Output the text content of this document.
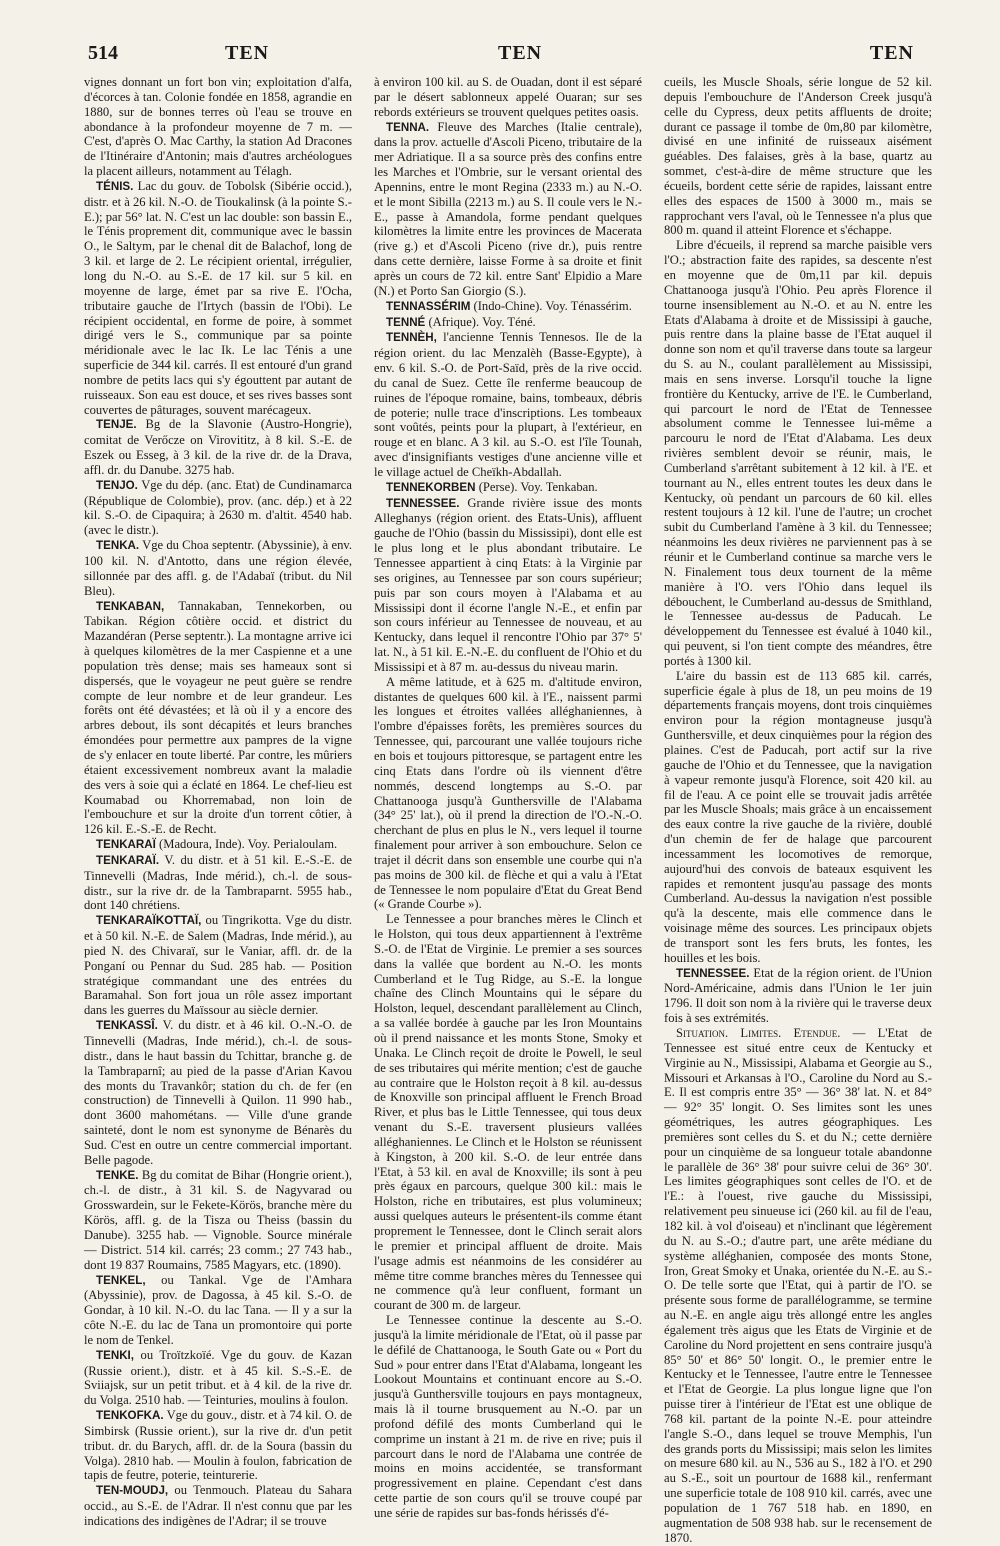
514	TEN	TEN	TEN

vignes donnant un fort bon vin; exploitation d'alfa, d'écorces à tan. Colonie fondée en 1858, agrandie en 1880, sur de bonnes terres où l'eau se trouve en abondance à la profondeur moyenne de 7 m. — C'est, d'après O. Mac Carthy, la station Ad Dracones de l'Itinéraire d'Antonin; mais d'autres archéologues la placent ailleurs, notamment au Télagh.

TÉNIS. Lac du gouv. de Tobolsk (Sibérie occid.), distr. et à 26 kil. N.-O. de Tioukalinsk (à la pointe S.-E.); par 56° lat. N. C'est un lac double: son bassin E., le Ténis proprement dit, communique avec le bassin O., le Saltym, par le chenal dit de Balachof, long de 3 kil. et large de 2. Le récipient oriental, irrégulier, long du N.-O. au S.-E. de 17 kil. sur 5 kil. en moyenne de large, émet par sa rive E. l'Ocha, tributaire gauche de l'Irtych (bassin de l'Obi). Le récipient occidental, en forme de poire, à sommet dirigé vers le S., communique par sa pointe méridionale avec le lac Ik. Le lac Ténis a une superficie de 344 kil. carrés. Il est entouré d'un grand nombre de petits lacs qui s'y égouttent par autant de ruisseaux. Son eau est douce, et ses rives basses sont couvertes de pâturages, souvent marécageux.

TENJE. Bg de la Slavonie (Austro-Hongrie), comitat de Verőcze on Virovititz, à 8 kil. S.-E. de Eszek ou Esseg, à 3 kil. de la rive dr. de la Drava, affl. dr. du Danube. 3275 hab.

TENJO. Vge du dép. (anc. Etat) de Cundinamarca (République de Colombie), prov. (anc. dép.) et à 22 kil. S.-O. de Cipaquira; à 2630 m. d'altit. 4540 hab. (avec le distr.).

TENKA. Vge du Choa septentr. (Abyssinie), à env. 100 kil. N. d'Antotto, dans une région élevée, sillonnée par des affl. g. de l'Adabaï (tribut. du Nil Bleu).

TENKABAN, Tannakaban, Tennekorben, ou Tabikan. Région côtière occid. et district du Mazandéran (Perse septentr.). La montagne arrive ici à quelques kilomètres de la mer Caspienne et a une population très dense; mais ses hameaux sont si dispersés, que le voyageur ne peut guère se rendre compte de leur nombre et de leur grandeur. Les forêts ont été dévastées; et là où il y a encore des arbres debout, ils sont décapités et leurs branches émondées pour permettre aux pampres de la vigne de s'y enlacer en toute liberté. Par contre, les mûriers étaient excessivement nombreux avant la maladie des vers à soie qui a éclaté en 1864. Le chef-lieu est Koumabad ou Khorremabad, non loin de l'embouchure et sur la droite d'un torrent côtier, à 126 kil. E.-S.-E. de Recht.

TENKARAÏ (Madoura, Inde). Voy. Perialoulam.

TENKARAÏ. V. du distr. et à 51 kil. E.-S.-E. de Tinnevelli (Madras, Inde mérid.), ch.-l. de sous-distr., sur la rive dr. de la Tambraparnt. 5955 hab., dont 140 chrétiens.

TENKARAÏKOTTAÏ, ou Tingrikotta. Vge du distr. et à 50 kil. N.-E. de Salem (Madras, Inde mérid.), au pied N. des Chivaraï, sur le Vaniar, affl. dr. de la Ponganí ou Pennar du Sud. 285 hab. — Position stratégique commandant une des entrées du Baramahal. Son fort joua un rôle assez important dans les guerres du Maïssour au siècle dernier.

TENKASSÎ. V. du distr. et à 46 kil. O.-N.-O. de Tinnevelli (Madras, Inde mérid.), ch.-l. de sous-distr., dans le haut bassin du Tchittar, branche g. de la Tambraparnî; au pied de la passe d'Arian Kavou des monts du Travankôr; station du ch. de fer (en construction) de Tinnevelli à Quilon. 11 990 hab., dont 3600 mahométans. — Ville d'une grande sainteté, dont le nom est synonyme de Bénarès du Sud. C'est en outre un centre commercial important. Belle pagode.

TENKE. Bg du comitat de Bihar (Hongrie orient.), ch.-l. de distr., à 31 kil. S. de Nagyvarad ou Grosswardein, sur le Fekete-Körös, branche mère du Körös, affl. g. de la Tisza ou Theiss (bassin du Danube). 3255 hab. — Vignoble. Source minérale — District. 514 kil. carrés; 23 comm.; 27 743 hab., dont 19 837 Roumains, 7585 Magyars, etc. (1890).

TENKEL, ou Tankal. Vge de l'Amhara (Abyssinie), prov. de Dagossa, à 45 kil. S.-O. de Gondar, à 10 kil. N.-O. du lac Tana. — Il y a sur la côte N.-E. du lac de Tana un promontoire qui porte le nom de Tenkel.

TENKI, ou Troïtzkoïé. Vge du gouv. de Kazan (Russie orient.), distr. et à 45 kil. S.-S.-E. de Sviiajsk, sur un petit tribut. et à 4 kil. de la rive dr. du Volga. 2510 hab. — Teinturies, moulins à foulon.

TENKOFKA. Vge du gouv., distr. et à 74 kil. O. de Simbirsk (Russie orient.), sur la rive dr. d'un petit tribut. dr. du Barych, affl. dr. de la Soura (bassin du Volga). 2810 hab. — Moulin à foulon, fabrication de tapis de feutre, poterie, teinturerie.

TEN-MOUDJ, ou Tenmouch. Plateau du Sahara occid., au S.-E. de l'Adrar. Il n'est connu que par les indications des indigènes de l'Adrar; il se trouve

à environ 100 kil. au S. de Ouadan, dont il est séparé par le désert sablonneux appelé Ouaran; sur ses rebords extérieurs se trouvent quelques petites oasis.

TENNA. Fleuve des Marches (Italie centrale), dans la prov. actuelle d'Ascoli Piceno, tributaire de la mer Adriatique. Il a sa source près des confins entre les Marches et l'Ombrie, sur le versant oriental des Apennins, entre le mont Regina (2333 m.) au N.-O. et le mont Sibilla (2213 m.) au S. Il coule vers le N.-E., passe à Amandola, forme pendant quelques kilomètres la limite entre les provinces de Macerata (rive g.) et d'Ascoli Piceno (rive dr.), puis rentre dans cette dernière, laisse Forme à sa droite et finit après un cours de 72 kil. entre Sant' Elpidio a Mare (N.) et Porto San Giorgio (S.).

TENNASSÉRIM (Indo-Chine). Voy. Ténassérim.

TENNÉ (Afrique). Voy. Téné.

TENNÈH, l'ancienne Tennis Tennesos. Ile de la région orient. du lac Menzalèh (Basse-Egypte), à env. 6 kil. S.-O. de Port-Saïd, près de la rive occid. du canal de Suez. Cette île renferme beaucoup de ruines de l'époque romaine, bains, tombeaux, débris de poterie; nulle trace d'inscriptions. Les tombeaux sont voûtés, peints pour la plupart, à l'extérieur, en rouge et en blanc. A 3 kil. au S.-O. est l'île Tounah, avec d'insignifiants vestiges d'une ancienne ville et le village actuel de Cheïkh-Abdallah.

TENNEKORBEN (Perse). Voy. Tenkaban.

TENNESSEE. Grande rivière issue des monts Alleghanys (région orient. des Etats-Unis), affluent gauche de l'Ohio (bassin du Mississipi), dont elle est le plus long et le plus abondant tributaire. Le Tennessee appartient à cinq Etats: à la Virginie par ses origines, au Tennessee par son cours supérieur; puis par son cours moyen à l'Alabama et au Mississipi dont il écorne l'angle N.-E., et enfin par son cours inférieur au Tennessee de nouveau, et au Kentucky, dans lequel il rencontre l'Ohio par 37° 5' lat. N., à 51 kil. E.-N.-E. du confluent de l'Ohio et du Mississipi et à 87 m. au-dessus du niveau marin.

A même latitude, et à 625 m. d'altitude environ, distantes de quelques 600 kil. à l'E., naissent parmi les longues et étroites vallées alléghaniennes, à l'ombre d'épaisses forêts, les premières sources du Tennessee, qui, parcourant une vallée toujours riche en bois et toujours pittoresque, se partagent entre les cinq Etats dans l'ordre où ils viennent d'être nommés, descend longtemps au S.-O. par Chattanooga jusqu'à Gunthersville de l'Alabama (34° 25' lat.), où il prend la direction de l'O.-N.-O. cherchant de plus en plus le N., vers lequel il tourne finalement pour arriver à son embouchure. Selon ce trajet il décrit dans son ensemble une courbe qui n'a pas moins de 300 kil. de flèche et qui a valu à l'Etat de Tennessee le nom populaire d'Etat du Great Bend (« Grande Courbe »).

Le Tennessee a pour branches mères le Clinch et le Holston, qui tous deux appartiennent à l'extrême S.-O. de l'Etat de Virginie. Le premier a ses sources dans la vallée que bordent au N.-O. les monts Cumberland et le Tug Ridge, au S.-E. la longue chaîne des Clinch Mountains qui le sépare du Holston, lequel, descendant parallèlement au Clinch, a sa vallée bordée à gauche par les Iron Mountains où il prend naissance et les monts Stone, Smoky et Unaka. Le Clinch reçoit de droite le Powell, le seul de ses tributaires qui mérite mention; c'est de gauche au contraire que le Holston reçoit à 8 kil. au-dessus de Knoxville son principal affluent le French Broad River, et plus bas le Little Tennessee, qui tous deux venant du S.-E. traversent plusieurs vallées alléghaniennes. Le Clinch et le Holston se réunissent à Kingston, à 200 kil. S.-O. de leur entrée dans l'Etat, à 53 kil. en aval de Knoxville; ils sont à peu près égaux en parcours, quelque 300 kil.: mais le Holston, riche en tributaires, est plus volumineux; aussi quelques auteurs le présentent-ils comme étant proprement le Tennessee, dont le Clinch serait alors le premier et principal affluent de droite. Mais l'usage admis est néanmoins de les considérer au même titre comme branches mères du Tennessee qui ne commence qu'à leur confluent, formant un courant de 300 m. de largeur.

Le Tennessee continue la descente au S.-O. jusqu'à la limite méridionale de l'Etat, où il passe par le défilé de Chattanooga, le South Gate ou « Port du Sud » pour entrer dans l'Etat d'Alabama, longeant les Lookout Mountains et continuant encore au S.-O. jusqu'à Gunthersville toujours en pays montagneux, mais là il tourne brusquement au N.-O. par un profond défilé des monts Cumberland qui le comprime un instant à 21 m. de rive en rive; puis il parcourt dans le nord de l'Alabama une contrée de moins en moins accidentée, se transformant progressivement en plaine. Cependant c'est dans cette partie de son cours qu'il se trouve coupé par une série de rapides sur bas-fonds hérissés d'é-

cueils, les Muscle Shoals, série longue de 52 kil. depuis l'embouchure de l'Anderson Creek jusqu'à celle du Cypress, deux petits affluents de droite; durant ce passage il tombe de 0m,80 par kilomètre, divisé en une infinité de ruisseaux aisément guéables. Des falaises, grès à la base, quartz au sommet, c'est-à-dire de même structure que les écueils, bordent cette série de rapides, laissant entre elles des espaces de 1500 à 3000 m., mais se rapprochant vers l'aval, où le Tennessee n'a plus que 800 m. quand il atteint Florence et s'échappe.

Libre d'écueils, il reprend sa marche paisible vers l'O.; abstraction faite des rapides, sa descente n'est en moyenne que de 0m,11 par kil. depuis Chattanooga jusqu'à l'Ohio. Peu après Florence il tourne insensiblement au N.-O. et au N. entre les Etats d'Alabama à droite et de Mississipi à gauche, puis rentre dans la plaine basse de l'Etat auquel il donne son nom et qu'il traverse dans toute sa largeur du S. au N., coulant parallèlement au Mississipi, mais en sens inverse. Lorsqu'il touche la ligne frontière du Kentucky, arrive de l'E. le Cumberland, qui parcourt le nord de l'Etat de Tennessee absolument comme le Tennessee lui-même a parcouru le nord de l'Etat d'Alabama. Les deux rivières semblent devoir se réunir, mais, le Cumberland s'arrêtant subitement à 12 kil. à l'E. et tournant au N., elles entrent toutes les deux dans le Kentucky, où pendant un parcours de 60 kil. elles restent toujours à 12 kil. l'une de l'autre; un crochet subit du Cumberland l'amène à 3 kil. du Tennessee; néanmoins les deux rivières ne parviennent pas à se réunir et le Cumberland continue sa marche vers le N. Finalement tous deux tournent de la même manière à l'O. vers l'Ohio dans lequel ils débouchent, le Cumberland au-dessus de Smithland, le Tennessee au-dessus de Paducah. Le développement du Tennessee est évalué à 1040 kil., qui peuvent, si l'on tient compte des méandres, être portés à 1300 kil.

L'aire du bassin est de 113 685 kil. carrés, superficie égale à plus de 18, un peu moins de 19 départements français moyens, dont trois cinquièmes environ pour la région montagneuse jusqu'à Gunthersville, et deux cinquièmes pour la région des plaines. C'est de Paducah, port actif sur la rive gauche de l'Ohio et du Tennessee, que la navigation à vapeur remonte jusqu'à Florence, soit 420 kil. au fil de l'eau. A ce point elle se trouvait jadis arrêtée par les Muscle Shoals; mais grâce à un encaissement des eaux contre la rive gauche de la rivière, doublé d'un chemin de fer de halage que parcourent incessamment les locomotives de remorque, aujourd'hui des convois de bateaux esquivent les rapides et remontent jusqu'au passage des monts Cumberland. Au-dessus la navigation n'est possible qu'à la descente, mais elle commence dans le voisinage même des sources. Les principaux objets de transport sont les fers bruts, les fontes, les houilles et les bois.

TENNESSEE. Etat de la région orient. de l'Union Nord-Américaine, admis dans l'Union le 1er juin 1796. Il doit son nom à la rivière qui le traverse deux fois à ses extrémités.

Situation. Limites. Etendue. — L'Etat de Tennessee est situé entre ceux de Kentucky et Virginie au N., Mississipi, Alabama et Georgie au S., Missouri et Arkansas à l'O., Caroline du Nord au S.-E. Il est compris entre 35° — 36° 38' lat. N. et 84° — 92° 35' longit. O. Ses limites sont les unes géométriques, les autres géographiques. Les premières sont celles du S. et du N.; cette dernière pour un cinquième de sa longueur totale abandonne le parallèle de 36° 38' pour suivre celui de 36° 30'. Les limites géographiques sont celles de l'O. et de l'E.: à l'ouest, rive gauche du Mississipi, relativement peu sinueuse ici (260 kil. au fil de l'eau, 182 kil. à vol d'oiseau) et n'inclinant que légèrement du N. au S.-O.; d'autre part, une arête médiane du système alléghanien, composée des monts Stone, Iron, Great Smoky et Unaka, orientée du N.-E. au S.-O. De telle sorte que l'Etat, qui à partir de l'O. se présente sous forme de parallélogramme, se termine au N.-E. en angle aigu très allongé entre les angles également très aigus que les Etats de Virginie et de Caroline du Nord projettent en sens contraire jusqu'à 85° 50' et 86° 50' longit. O., le premier entre le Kentucky et le Tennessee, l'autre entre le Tennessee et l'Etat de Georgie. La plus longue ligne que l'on puisse tirer à l'intérieur de l'Etat est une oblique de 768 kil. partant de la pointe N.-E. pour atteindre l'angle S.-O., dans lequel se trouve Memphis, l'un des grands ports du Mississipi; mais selon les limites on mesure 680 kil. au N., 536 au S., 182 à l'O. et 290 au S.-E., soit un pourtour de 1688 kil., renfermant une superficie totale de 108 910 kil. carrés, avec une population de 1 767 518 hab. en 1890, en augmentation de 508 938 hab. sur le recensement de 1870.
